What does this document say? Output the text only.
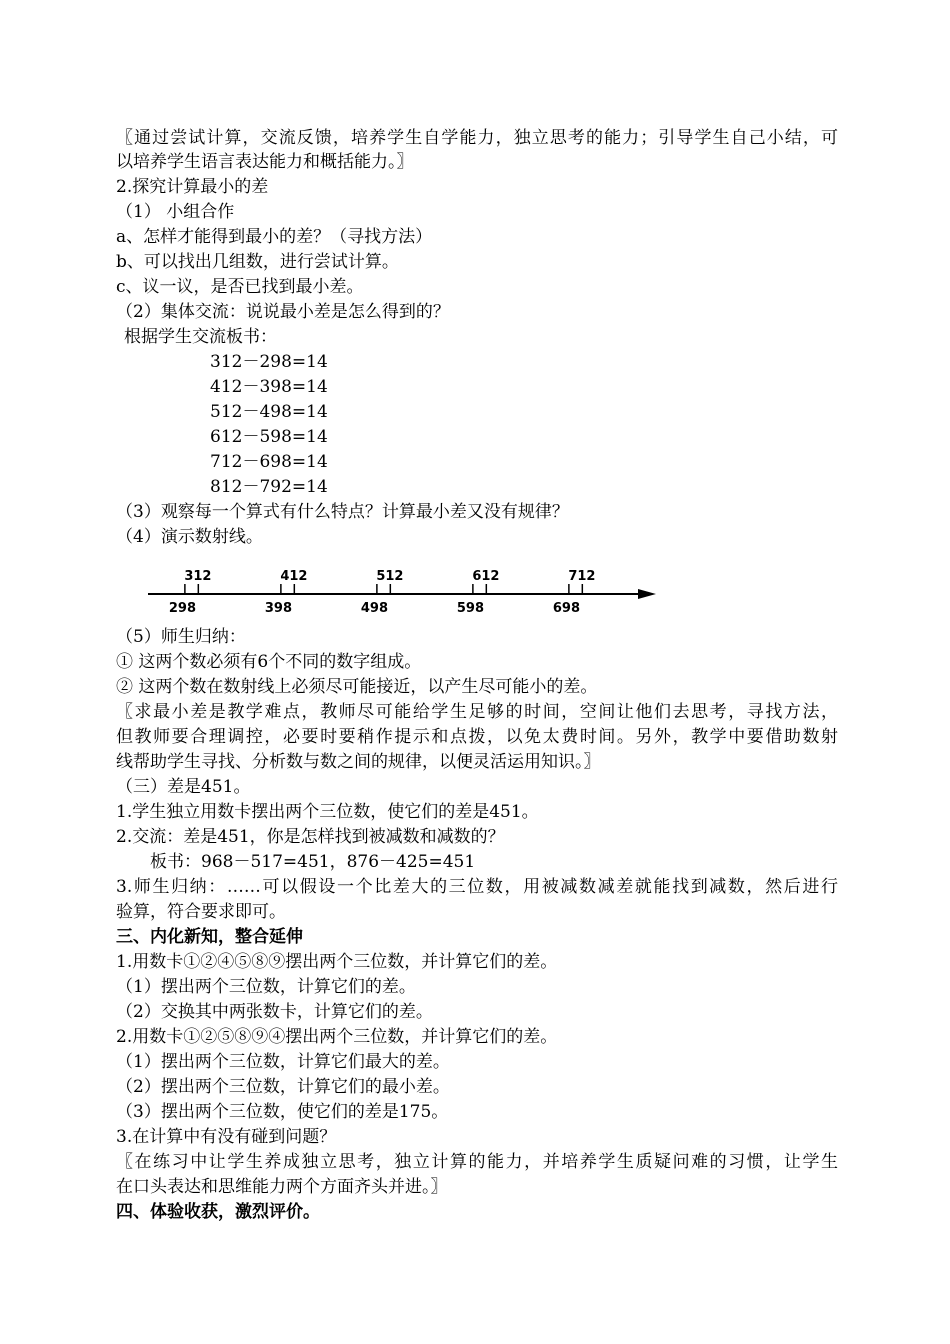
〖通过尝试计算，交流反馈，培养学生自学能力，独立思考的能力；引导学生自己小结，可
以培养学生语言表达能力和概括能力。〗
2.探究计算最小的差
（1） 小组合作
a、怎样才能得到最小的差？（寻找方法）
b、可以找出几组数，进行尝试计算。
c、议一议，是否已找到最小差。
（2）集体交流：说说最小差是怎么得到的？
根据学生交流板书：
312－298=14
412－398=14
512－498=14
612－598=14
712－698=14
812－792=14
（3）观察每一个算式有什么特点？计算最小差又没有规律？
（4）演示数射线。
312	412	512	612	712
298	398	498	598	698
（5）师生归纳：
① 这两个数必须有6个不同的数字组成。
② 这两个数在数射线上必须尽可能接近，以产生尽可能小的差。
〖求最小差是教学难点，教师尽可能给学生足够的时间，空间让他们去思考，寻找方法，
但教师要合理调控，必要时要稍作提示和点拨，以免太费时间。另外，教学中要借助数射
线帮助学生寻找、分析数与数之间的规律，以便灵活运用知识。〗
（三）差是451。
1.学生独立用数卡摆出两个三位数，使它们的差是451。
2.交流：差是451，你是怎样找到被减数和减数的？
板书：968－517=451，876－425=451
3.师生归纳：……可以假设一个比差大的三位数，用被减数减差就能找到减数，然后进行
验算，符合要求即可。
三、内化新知，整合延伸
1.用数卡①②④⑤⑧⑨摆出两个三位数，并计算它们的差。
（1）摆出两个三位数，计算它们的差。
（2）交换其中两张数卡，计算它们的差。
2.用数卡①②⑤⑧⑨④摆出两个三位数，并计算它们的差。
（1）摆出两个三位数，计算它们最大的差。
（2）摆出两个三位数，计算它们的最小差。
（3）摆出两个三位数，使它们的差是175。
3.在计算中有没有碰到问题？
〖在练习中让学生养成独立思考，独立计算的能力，并培养学生质疑问难的习惯，让学生
在口头表达和思维能力两个方面齐头并进。〗
四、体验收获，激烈评价。
